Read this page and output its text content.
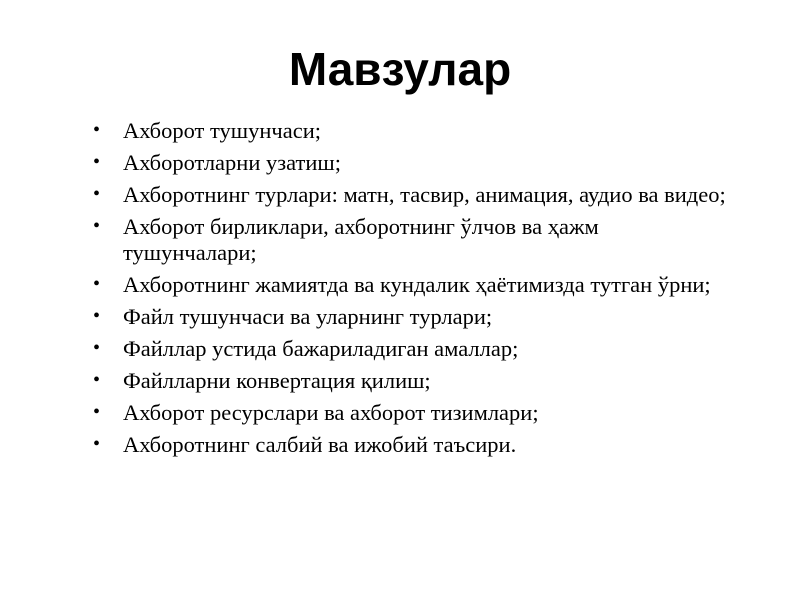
Мавзулар
• Ахборот тушунчаси;
• Ахборотларни узатиш;
• Ахборотнинг турлари: матн, тасвир, анимация, аудио ва видео;
• Ахборот бирликлари, ахборотнинг ўлчов ва ҳажм тушунчалари;
• Ахборотнинг жамиятда ва кундалик ҳаётимизда тутган ўрни;
• Файл тушунчаси ва уларнинг турлари;
• Файллар устида бажариладиган амаллар;
• Файлларни конвертация қилиш;
• Ахборот ресурслари ва ахборот тизимлари;
• Ахборотнинг салбий ва ижобий таъсири.
